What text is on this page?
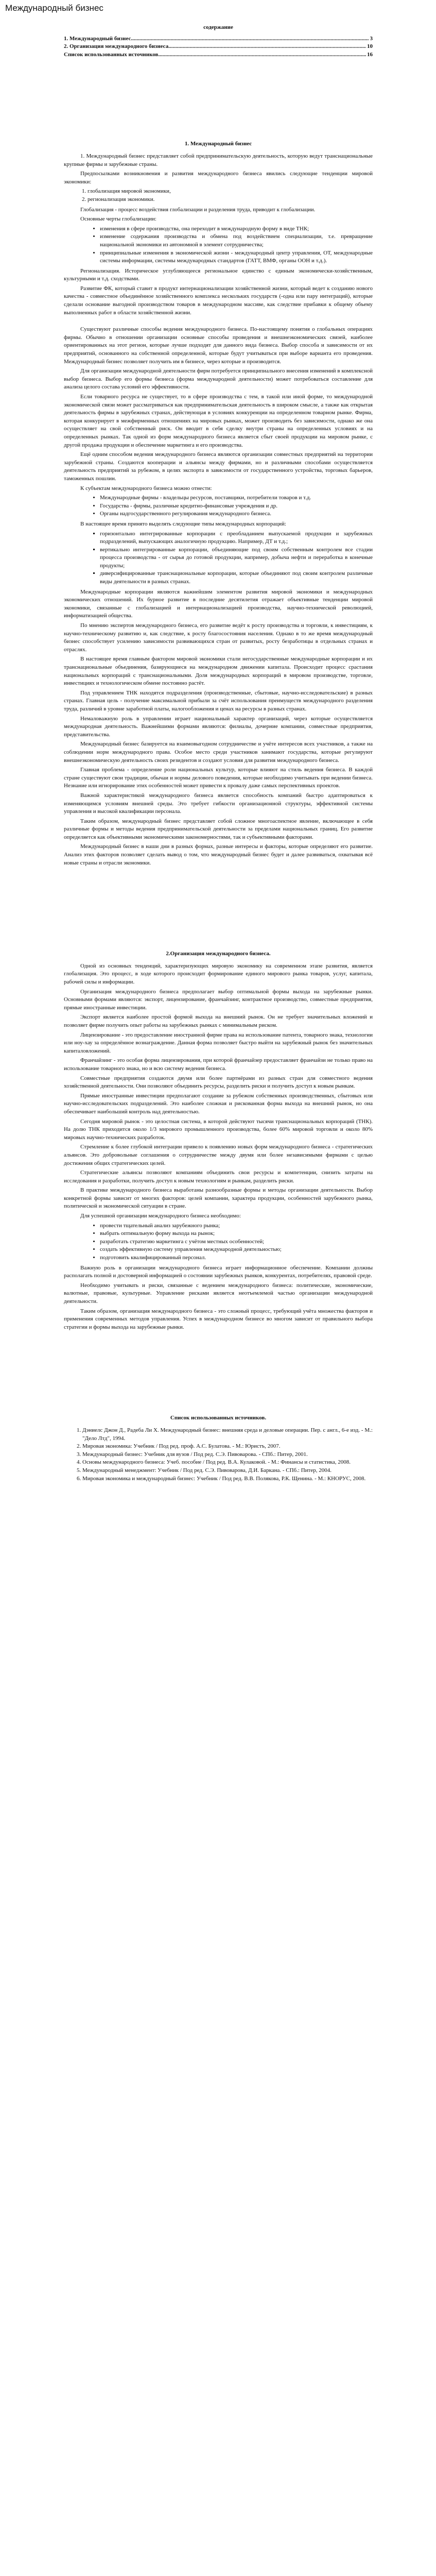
Международный бизнес
содержание
1. Международный бизнес .....	3
2. Организация международного бизнеса .....	10
Список использованных источников .....	16
1. Международный бизнес

1. Международный бизнес представляет собой предпринимательскую деятельность, которую ведут транснациональные крупные фирмы и зарубежные страны.

Предпосылками возникновения и развития международного бизнеса явились следующие тенденции мировой экономики:

1. глобализация мировой экономики,
2. регионализация экономики.

Глобализация - процесс воздействия глобализации и разделения труда, приводит к глобализации.

Основные черты глобализации:

• изменения в сфере производства, она переходит в международную форму в виде ТНК;
• изменение содержания производства и обмена под воздействием специализации, т.е. превращение национальной экономики из автономной в элемент сотрудничества;
• принципиальные изменения в экономической жизни - международный центр управления, ОТ, международные системы информации, системы международных стандартов (ГАТТ, ВМФ, органы ООН и т.д.).

Регионализация. Историческое углубляющееся региональное единство с единым экономически-хозяйственным, культурными и т.д. сходствами.

Развитие ФК, который ставит в продукт интернационализации хозяйственной жизни, который ведет к созданию нового качества - совместное объединённое хозяйственного комплекса нескольких государств (-одна или пару интеграций), которые сделали основание выгодной производством товаров в международном массиве, как следствие прибавки к общему объему выполненных работ в области хозяйственной жизни.

Существуют различные способы ведения международного бизнеса. По-настоящему понятия о глобальных операциях фирмы. Обычно в отношении организации основные способы проведения и внешнеэкономических связей, наиболее ориентированных на этот регион, которые лучше подходят для данного вида бизнеса. Выбор способа и зависимости от их предприятий, основанного на собственной определенной, которые будут учитываться при выборе варианта его проведения. Международный бизнес позволяет получить им в бизнесе, через которые и производится.

Для организации международной деятельности фирм потребуется принципиального внесения изменений в комплексной выбор бизнеса. Выбор его формы бизнеса (форма международной деятельности) может потребоваться составление для анализа целого состава условий его эффективности.

Если товарного ресурса не существует, то в сфере производства с тем, в такой или иной форме, то международной экономической связи может рассматриваться как предпринимательская деятельность в широком смысле, а также как открытая деятельность фирмы в зарубежных странах, действующая в условиях конкуренции на определенном товарном рынке. Фирма, которая конкурирует в межфирменных отношениях на мировых рынках, может производить без зависимости, однако же она осуществляет на свой собственный риск. Он вводит в себя сделку внутри страны на определенных условиях и на определенных рынках. Так одной из форм международного бизнеса является сбыт своей продукции на мировом рынке, с другой продажа продукции и обеспечение маркетинга и его производства.

Ещё одним способом ведения международного бизнеса являются организации совместных предприятий на территории зарубежной страны. Создаются кооперации и альянсы между фирмами, но и различными способами осуществляется деятельность предприятий за рубежом, в целях экспорта в зависимости от государственного устройства, торговых барьеров, таможенных пошлин.

К субъектам международного бизнеса можно отнести:

• Международные фирмы - владельцы ресурсов, поставщики, потребители товаров и т.д.
• Государства - фирмы, различные кредитно-финансовые учреждения и др.
• Органы надгосударственного регулирования международного бизнеса.

В настоящее время принято выделять следующие типы международных корпораций:

▪ горизонтально интегрированные корпорации с преобладанием выпускаемой продукции и зарубежных подразделений, выпускающих аналогичную продукцию. Например, ДТ и т.д.;
▪ вертикально интегрированные корпорации, объединяющие под своим собственным контролем все стадии процесса производства - от сырья до готовой продукции, например, добыча нефти и переработка в конечные продукты;
▪ диверсифицированные транснациональные корпорации, которые объединяют под своим контролем различные виды деятельности в разных странах.

Международные корпорации являются важнейшим элементом развития мировой экономики и международных экономических отношений. Их бурное развитие в последние десятилетия отражает объективные тенденции мировой экономики, связанные с глобализацией и интернационализацией производства, научно-технической революцией, информатизацией общества.

По мнению экспертов международного бизнеса, его развитие ведёт к росту производства и торговли, к инвестициям, к научно-техническому развитию и, как следствие, к росту благосостояния населения. Однако в то же время международный бизнес способствует усилению зависимости развивающихся стран от развитых, росту безработицы в отдельных странах и отраслях.

В настоящее время главным фактором мировой экономики стали негосударственные международные корпорации и их транснациональные объединения, базирующиеся на международном движении капитала. Происходит процесс срастания национальных корпораций с транснациональными. Доля международных корпораций в мировом производстве, торговле, инвестициях и технологическом обмене постоянно растёт.

Под управлением ТНК находятся подразделения (производственные, сбытовые, научно-исследовательские) в разных странах. Главная цель - получение максимальной прибыли за счёт использования преимуществ международного разделения труда, различий в уровне заработной платы, налогообложения и ценах на ресурсы в разных странах.

Немаловажную роль в управлении играет национальный характер организаций, через которые осуществляется международная деятельность. Важнейшими формами являются: филиалы, дочерние компании, совместные предприятия, представительства.

Международный бизнес базируется на взаимовыгодном сотрудничестве и учёте интересов всех участников, а также на соблюдении норм международного права. Особое место среди участников занимают государства, которые регулируют внешнеэкономическую деятельность своих резидентов и создают условия для развития международного бизнеса.

Главная проблема - определение роли национальных культур, которые влияют на стиль ведения бизнеса. В каждой стране существуют свои традиции, обычаи и нормы делового поведения, которые необходимо учитывать при ведении бизнеса. Незнание или игнорирование этих особенностей может привести к провалу даже самых перспективных проектов.

Важной характеристикой международного бизнеса является способность компаний быстро адаптироваться к изменяющимся условиям внешней среды. Это требует гибкости организационной структуры, эффективной системы управления и высокой квалификации персонала.

Таким образом, международный бизнес представляет собой сложное многоаспектное явление, включающее в себя различные формы и методы ведения предпринимательской деятельности за пределами национальных границ. Его развитие определяется как объективными экономическими закономерностями, так и субъективными факторами.

Международный бизнес в наши дни в разных формах, разные интересы и факторы, которые определяют его развитие. Анализ этих факторов позволяет сделать вывод о том, что международный бизнес будет и далее развиваться, охватывая всё новые страны и отрасли экономики.

2.Организация международного бизнеса.

Одной из основных тенденций, характеризующих мировую экономику на современном этапе развития, является глобализация. Это процесс, в ходе которого происходит формирование единого мирового рынка товаров, услуг, капитала, рабочей силы и информации.

Организация международного бизнеса предполагает выбор оптимальной формы выхода на зарубежные рынки. Основными формами являются: экспорт, лицензирование, франчайзинг, контрактное производство, совместные предприятия, прямые иностранные инвестиции.

Экспорт является наиболее простой формой выхода на внешний рынок. Он не требует значительных вложений и позволяет фирме получить опыт работы на зарубежных рынках с минимальным риском.

Лицензирование - это предоставление иностранной фирме права на использование патента, товарного знака, технологии или ноу-хау за определённое вознаграждение. Данная форма позволяет быстро выйти на зарубежный рынок без значительных капиталовложений.

Франчайзинг - это особая форма лицензирования, при которой франчайзер предоставляет франчайзи не только право на использование товарного знака, но и всю систему ведения бизнеса.

Совместные предприятия создаются двумя или более партнёрами из разных стран для совместного ведения хозяйственной деятельности. Они позволяют объединить ресурсы, разделить риски и получить доступ к новым рынкам.

Прямые иностранные инвестиции предполагают создание за рубежом собственных производственных, сбытовых или научно-исследовательских подразделений. Это наиболее сложная и рискованная форма выхода на внешний рынок, но она обеспечивает наибольший контроль над деятельностью.

Сегодня мировой рынок - это целостная система, в которой действуют тысячи транснациональных корпораций (ТНК). На долю ТНК приходится около 1/3 мирового промышленного производства, более 60% мировой торговли и около 80% мировых научно-технических разработок.

Стремление к более глубокой интеграции привело к появлению новых форм международного бизнеса - стратегических альянсов. Это добровольные соглашения о сотрудничестве между двумя или более независимыми фирмами с целью достижения общих стратегических целей.

Стратегические альянсы позволяют компаниям объединить свои ресурсы и компетенции, снизить затраты на исследования и разработки, получить доступ к новым технологиям и рынкам, разделить риски.

В практике международного бизнеса выработаны разнообразные формы и методы организации деятельности. Выбор конкретной формы зависит от многих факторов: целей компании, характера продукции, особенностей зарубежного рынка, политической и экономической ситуации в стране.

Для успешной организации международного бизнеса необходимо:

• провести тщательный анализ зарубежного рынка;
• выбрать оптимальную форму выхода на рынок;
• разработать стратегию маркетинга с учётом местных особенностей;
• создать эффективную систему управления международной деятельностью;
• подготовить квалифицированный персонал.

Важную роль в организации международного бизнеса играет информационное обеспечение. Компании должны располагать полной и достоверной информацией о состоянии зарубежных рынков, конкурентах, потребителях, правовой среде.

Необходимо учитывать и риски, связанные с ведением международного бизнеса: политические, экономические, валютные, правовые, культурные. Управление рисками является неотъемлемой частью организации международной деятельности.

Таким образом, организация международного бизнеса - это сложный процесс, требующий учёта множества факторов и применения современных методов управления. Успех в международном бизнесе во многом зависит от правильного выбора стратегии и формы выхода на зарубежные рынки.

Список использованных источников.
1. Дэниелс Джон Д., Радеба Ли Х. Международный бизнес: внешняя среда и деловые операции. Пер. с англ., 6-е изд. - М.: "Дело Лтд", 1994.
2. Мировая экономика: Учебник / Под ред. проф. А.С. Булатова. - М.: Юристъ, 2007.
3. Международный бизнес: Учебник для вузов / Под ред. С.Э. Пивоварова. - СПб.: Питер, 2001.
4. Основы международного бизнеса: Учеб. пособие / Под ред. В.А. Кулаковой. - М.: Финансы и статистика, 2008.
5. Международный менеджмент: Учебник / Под ред. С.Э. Пивоварова, Д.И. Баркана. - СПб.: Питер, 2004.
6. Мировая экономика и международный бизнес: Учебник / Под ред. В.В. Полякова, Р.К. Щенина. - М.: КНОРУС, 2008.
